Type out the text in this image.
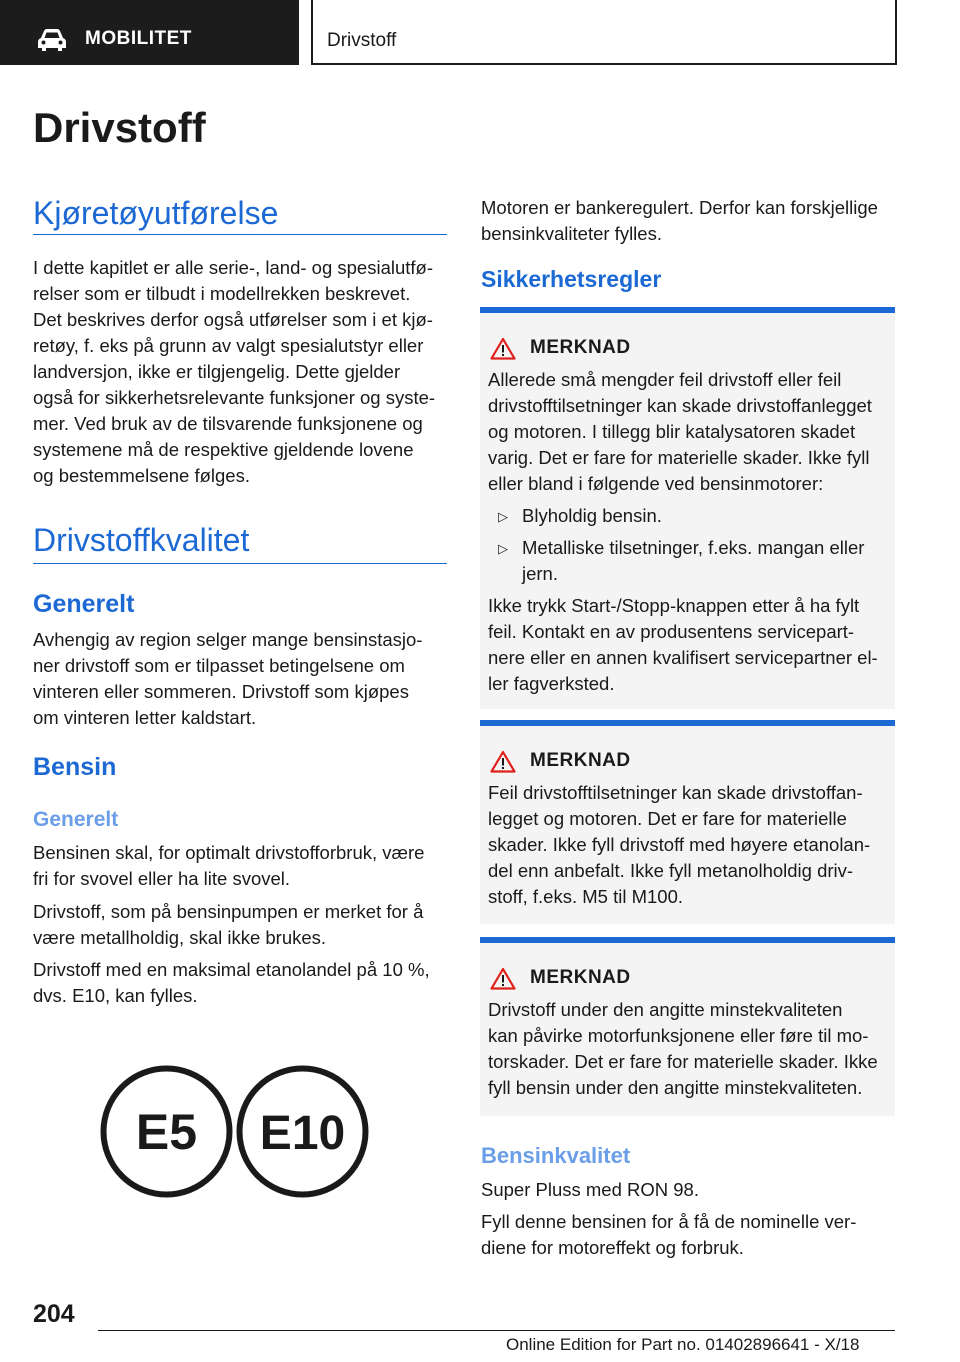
MOBILITET	Drivstoff
Drivstoff
Kjøretøyutførelse
I dette kapitlet er alle serie-, land- og spesialutfø-
relser som er tilbudt i modellrekken beskrevet.
Det beskrives derfor også utførelser som i et kjø-
retøy, f. eks på grunn av valgt spesialutstyr eller
landversjon, ikke er tilgjengelig. Dette gjelder
også for sikkerhetsrelevante funksjoner og syste-
mer. Ved bruk av de tilsvarende funksjonene og
systemene må de respektive gjeldende lovene
og bestemmelsene følges.
Drivstoffkvalitet
Generelt
Avhengig av region selger mange bensinstasjo-
ner drivstoff som er tilpasset betingelsene om
vinteren eller sommeren. Drivstoff som kjøpes
om vinteren letter kaldstart.
Bensin
Generelt
Bensinen skal, for optimalt drivstofforbruk, være
fri for svovel eller ha lite svovel.
Drivstoff, som på bensinpumpen er merket for å
være metallholdig, skal ikke brukes.
Drivstoff med en maksimal etanolandel på 10 %,
dvs. E10, kan fylles.
E5 E10
Motoren er bankeregulert. Derfor kan forskjellige
bensinkvaliteter fylles.
Sikkerhetsregler
MERKNAD

Allerede små mengder feil drivstoff eller feil
drivstofftilsetninger kan skade drivstoffanlegget
og motoren. I tillegg blir katalysatoren skadet
varig. Det er fare for materielle skader. Ikke fyll
eller bland i følgende ved bensinmotorer:

▷ Blyholdig bensin.
▷ Metalliske tilsetninger, f.eks. mangan eller
jern.

Ikke trykk Start-/Stopp-knappen etter å ha fylt
feil. Kontakt en av produsentens servicepart-
nere eller en annen kvalifisert servicepartner el-
ler fagverksted.

MERKNAD

Feil drivstofftilsetninger kan skade drivstoffan-
legget og motoren. Det er fare for materielle
skader. Ikke fyll drivstoff med høyere etanolan-
del enn anbefalt. Ikke fyll metanolholdig driv-
stoff, f.eks. M5 til M100.

MERKNAD

Drivstoff under den angitte minstekvaliteten
kan påvirke motorfunksjonene eller føre til mo-
torskader. Det er fare for materielle skader. Ikke
fyll bensin under den angitte minstekvaliteten.

Bensinkvalitet
Super Pluss med RON 98.
Fyll denne bensinen for å få de nominelle ver-
diene for motoreffekt og forbruk.
204
Online Edition for Part no. 01402896641 - X/18
